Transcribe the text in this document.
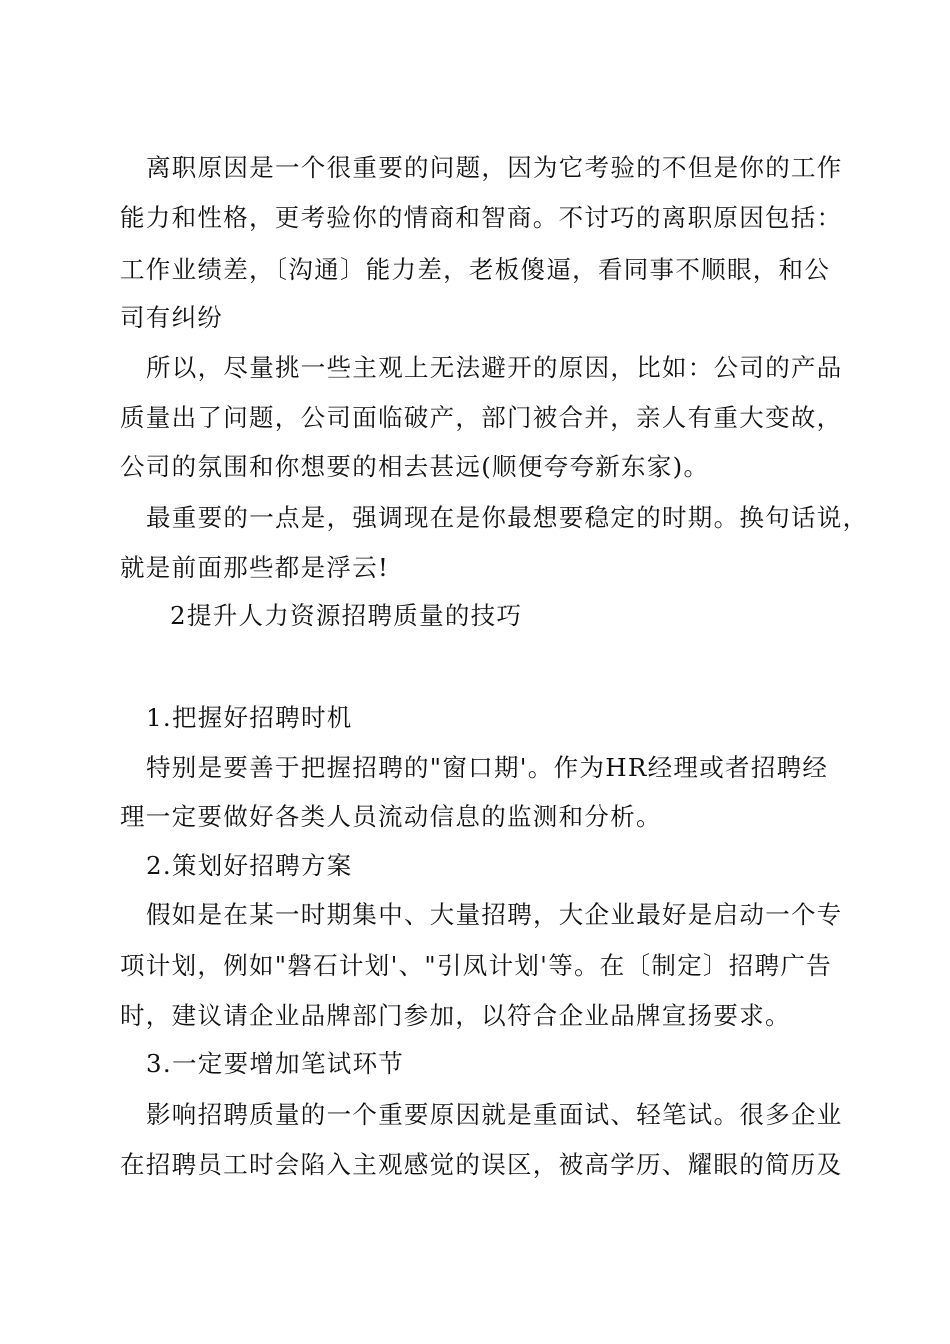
离职原因是一个很重要的问题，因为它考验的不但是你的工作
能力和性格，更考验你的情商和智商。不讨巧的离职原因包括：
工作业绩差，〔沟通〕能力差，老板傻逼，看同事不顺眼，和公
司有纠纷
所以，尽量挑一些主观上无法避开的原因，比如：公司的产品
质量出了问题，公司面临破产，部门被合并，亲人有重大变故，
公司的氛围和你想要的相去甚远(顺便夸夸新东家)。
最重要的一点是，强调现在是你最想要稳定的时期。换句话说，
就是前面那些都是浮云!
2提升人力资源招聘质量的技巧
1.把握好招聘时机
特别是要善于把握招聘的"窗口期'。作为HR经理或者招聘经
理一定要做好各类人员流动信息的监测和分析。
2.策划好招聘方案
假如是在某一时期集中、大量招聘，大企业最好是启动一个专
项计划，例如"磐石计划'、"引凤计划'等。在〔制定〕招聘广告
时，建议请企业品牌部门参加，以符合企业品牌宣扬要求。
3.一定要增加笔试环节
影响招聘质量的一个重要原因就是重面试、轻笔试。很多企业
在招聘员工时会陷入主观感觉的误区，被高学历、耀眼的简历及
